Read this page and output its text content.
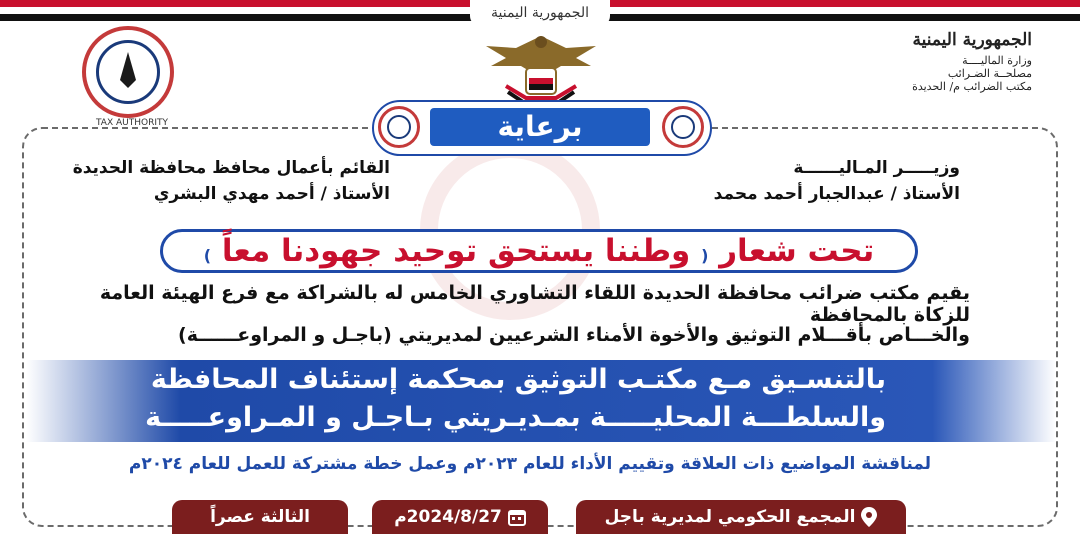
الجمهورية اليمنية
TAX AUTHORITY
الجمهورية اليمنية
وزارة الماليــــة
مصلحــة الضـرائب
مكتب الضرائب م/ الحديدة
برعاية
وزيـــــر المـاليــــــة
الأستاذ / عبدالجبار أحمد محمد
القائم بأعمال محافظ محافظة الحديدة
الأستاذ / أحمد مهدي البشري
تحت شعار ( وطننا يستحق توحيد جهودنا معاً )
يقيم مكتب ضرائب محافظة الحديدة اللقاء التشاوري الخامس له بالشراكة مع فرع الهيئة العامة للزكاة بالمحافظة
والخـــاص بأقـــلام التوثيق والأخوة الأمناء الشرعيين لمديريتي (باجـل و المراوعــــــة)
بالتنسـيق مـع مكتـب التوثيق بمحكمة إستئناف المحافظة
والسلطـــة المحليـــــة بمـديـريتي بـاجـل و المـراوعـــــة
لمناقشة المواضيع ذات العلاقة وتقييم الأداء للعام ٢٠٢٣م وعمل خطة مشتركة للعمل للعام ٢٠٢٤م
المجمع الحكومي لمديرية باجل
2024/8/27م
الثالثة عصراً
